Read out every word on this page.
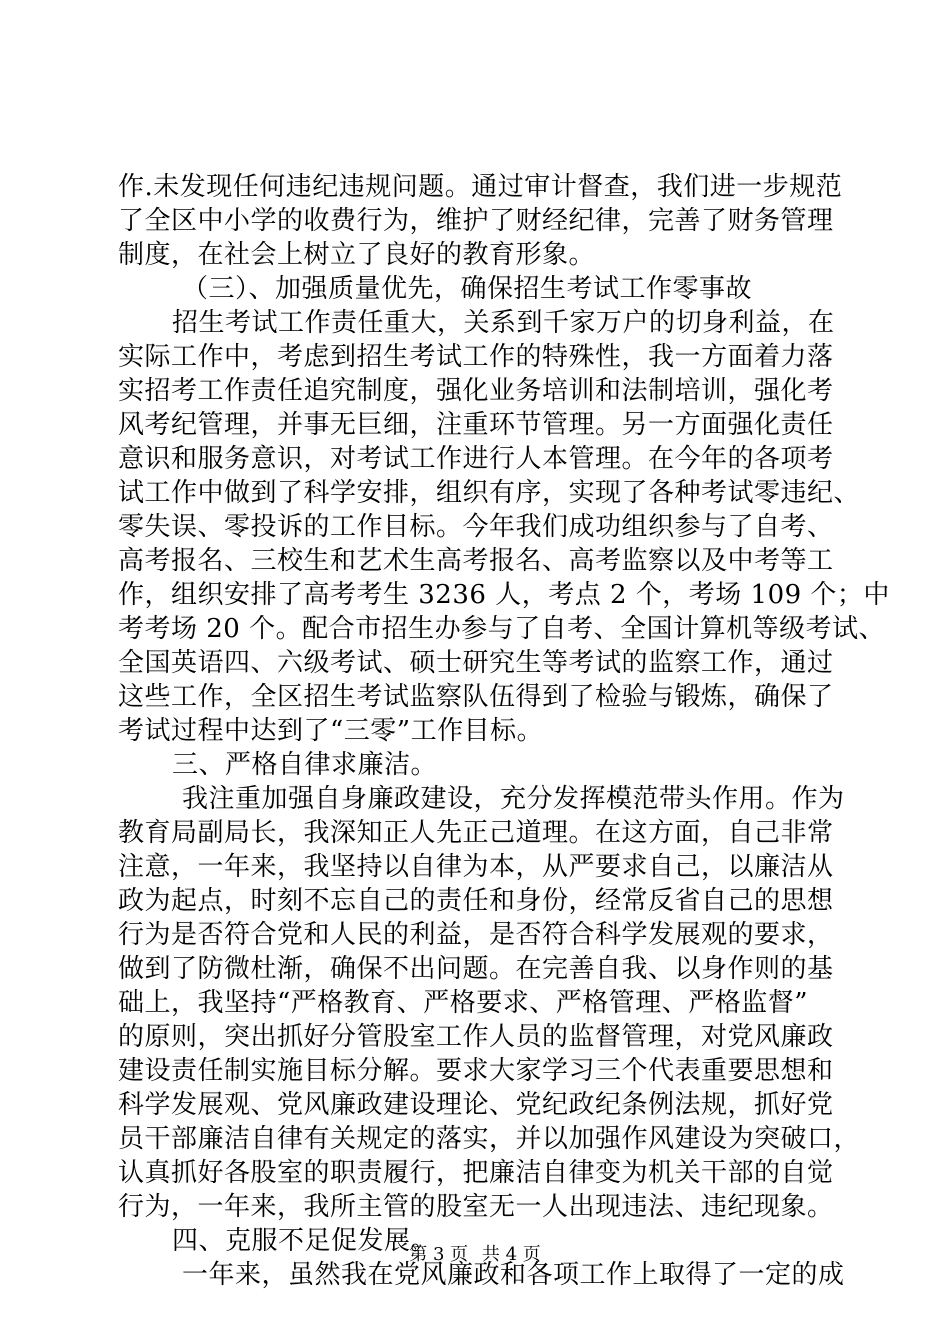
作.未发现任何违纪违规问题。通过审计督查，我们进一步规范
了全区中小学的收费行为，维护了财经纪律，完善了财务管理
制度，在社会上树立了良好的教育形象。
（三）、加强质量优先，确保招生考试工作零事故
招生考试工作责任重大，关系到千家万户的切身利益，在
实际工作中，考虑到招生考试工作的特殊性，我一方面着力落
实招考工作责任追究制度，强化业务培训和法制培训，强化考
风考纪管理，并事无巨细，注重环节管理。另一方面强化责任
意识和服务意识，对考试工作进行人本管理。在今年的各项考
试工作中做到了科学安排，组织有序，实现了各种考试零违纪、
零失误、零投诉的工作目标。今年我们成功组织参与了自考、
高考报名、三校生和艺术生高考报名、高考监察以及中考等工
作，组织安排了高考考生 3236 人，考点 2 个，考场 109 个；中
考考场 20 个。配合市招生办参与了自考、全国计算机等级考试、
全国英语四、六级考试、硕士研究生等考试的监察工作，通过
这些工作，全区招生考试监察队伍得到了检验与锻炼，确保了
考试过程中达到了“三零”工作目标。
三、严格自律求廉洁。
我注重加强自身廉政建设，充分发挥模范带头作用。作为
教育局副局长，我深知正人先正己道理。在这方面，自己非常
注意，一年来，我坚持以自律为本，从严要求自己，以廉洁从
政为起点，时刻不忘自己的责任和身份，经常反省自己的思想
行为是否符合党和人民的利益，是否符合科学发展观的要求，
做到了防微杜渐，确保不出问题。在完善自我、以身作则的基
础上，我坚持“严格教育、严格要求、严格管理、严格监督”
的原则，突出抓好分管股室工作人员的监督管理，对党风廉政
建设责任制实施目标分解。要求大家学习三个代表重要思想和
科学发展观、党风廉政建设理论、党纪政纪条例法规，抓好党
员干部廉洁自律有关规定的落实，并以加强作风建设为突破口，
认真抓好各股室的职责履行，把廉洁自律变为机关干部的自觉
行为，一年来，我所主管的股室无一人出现违法、违纪现象。
四、克服不足促发展。
一年来，虽然我在党风廉政和各项工作上取得了一定的成
第 3 页 共 4 页
